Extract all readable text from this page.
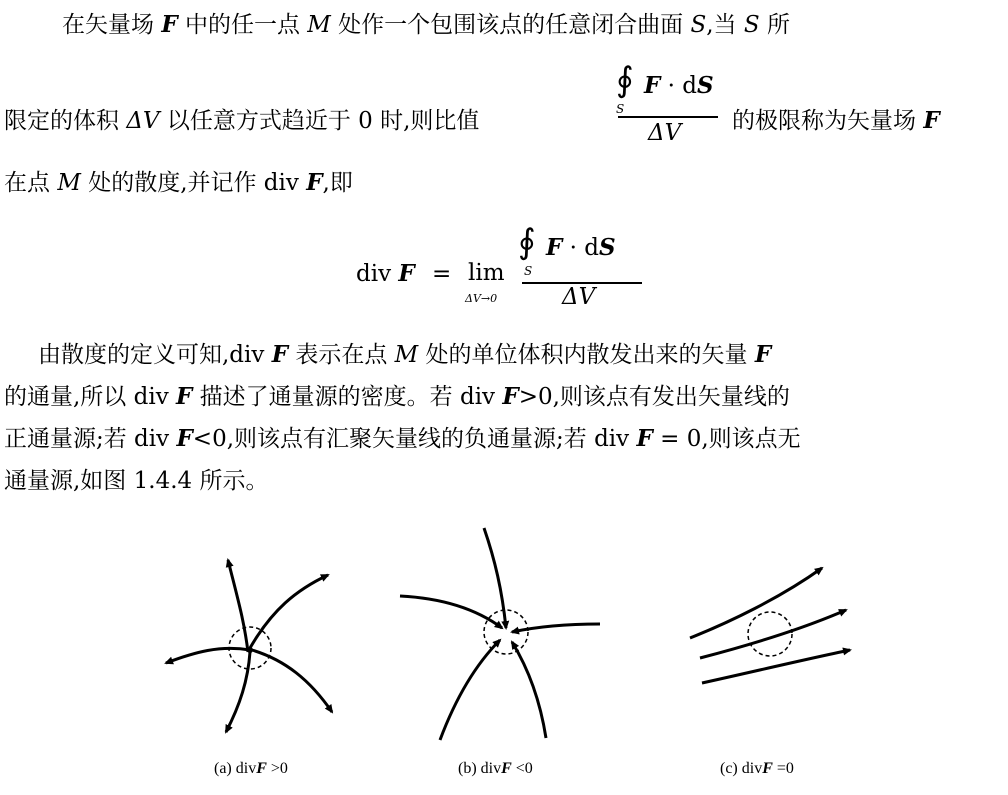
在矢量场 F 中的任一点 M 处作一个包围该点的任意闭合曲面 S,当 S 所
限定的体积 ΔV 以任意方式趋近于 0 时,则比值
∮ F · dS
S
ΔV 的极限称为矢量场 F
在点 M 处的散度,并记作 div F,即
div F = lim
ΔV→0
∮ F · dS
S
ΔV
由散度的定义可知,div F 表示在点 M 处的单位体积内散发出来的矢量 F
的通量,所以 div F 描述了通量源的密度。若 div F>0,则该点有发出矢量线的
正通量源;若 div F<0,则该点有汇聚矢量线的负通量源;若 div F = 0,则该点无
通量源,如图 1.4.4 所示。
(a) divF >0	(b) divF <0	(c) divF =0
